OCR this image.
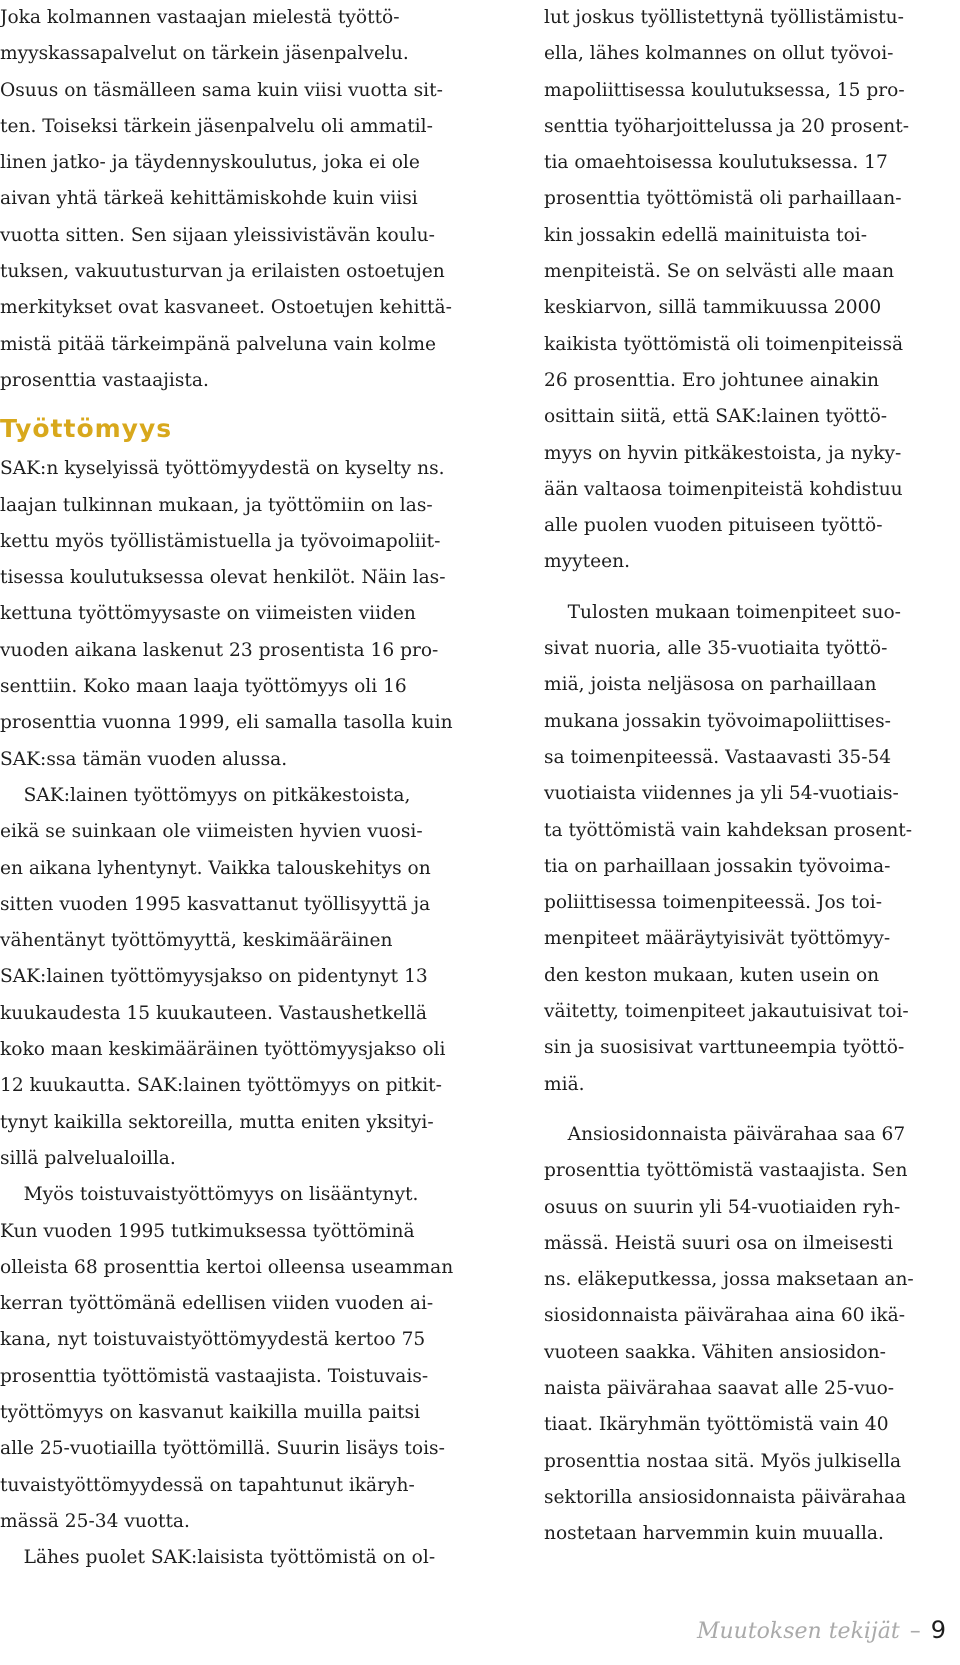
Joka kolmannen vastaajan mielestä työttö-
myyskassapalvelut on tärkein jäsenpalvelu.
Osuus on täsmälleen sama kuin viisi vuotta sit-
ten. Toiseksi tärkein jäsenpalvelu oli ammatil-
linen jatko- ja täydennyskoulutus, joka ei ole
aivan yhtä tärkeä kehittämiskohde kuin viisi
vuotta sitten. Sen sijaan yleissivistävän koulu-
tuksen, vakuutusturvan ja erilaisten ostoetujen
merkitykset ovat kasvaneet. Ostoetujen kehittä-
mistä pitää tärkeimpänä palveluna vain kolme
prosenttia vastaajista.
Työttömyys
SAK:n kyselyissä työttömyydestä on kyselty ns.
laajan tulkinnan mukaan, ja työttömiin on las-
kettu myös työllistämistuella ja työvoimapoliit-
tisessa koulutuksessa olevat henkilöt. Näin las-
kettuna työttömyysaste on viimeisten viiden
vuoden aikana laskenut 23 prosentista 16 pro-
senttiin. Koko maan laaja työttömyys oli 16
prosenttia vuonna 1999, eli samalla tasolla kuin
SAK:ssa tämän vuoden alussa.
SAK:lainen työttömyys on pitkäkestoista,
eikä se suinkaan ole viimeisten hyvien vuosi-
en aikana lyhentynyt. Vaikka talouskehitys on
sitten vuoden 1995 kasvattanut työllisyyttä ja
vähentänyt työttömyyttä, keskimääräinen
SAK:lainen työttömyysjakso on pidentynyt 13
kuukaudesta 15 kuukauteen. Vastaushetkellä
koko maan keskimääräinen työttömyysjakso oli
12 kuukautta. SAK:lainen työttömyys on pitkit-
tynyt kaikilla sektoreilla, mutta eniten yksityi-
sillä palvelualoilla.
Myös toistuvaistyöttömyys on lisääntynyt.
Kun vuoden 1995 tutkimuksessa työttöminä
olleista 68 prosenttia kertoi olleensa useamman
kerran työttömänä edellisen viiden vuoden ai-
kana, nyt toistuvaistyöttömyydestä kertoo 75
prosenttia työttömistä vastaajista. Toistuvais-
työttömyys on kasvanut kaikilla muilla paitsi
alle 25-vuotiailla työttömillä. Suurin lisäys tois-
tuvaistyöttömyydessä on tapahtunut ikäryh-
mässä 25-34 vuotta.
Lähes puolet SAK:laisista työttömistä on ol-
lut joskus työllistettynä työllistämistu-
ella, lähes kolmannes on ollut työvoi-
mapoliittisessa koulutuksessa, 15 pro-
senttia työharjoittelussa ja 20 prosent-
tia omaehtoisessa koulutuksessa. 17
prosenttia työttömistä oli parhaillaan-
kin jossakin edellä mainituista toi-
menpiteistä. Se on selvästi alle maan
keskiarvon, sillä tammikuussa 2000
kaikista työttömistä oli toimenpiteissä
26 prosenttia. Ero johtunee ainakin
osittain siitä, että SAK:lainen työttö-
myys on hyvin pitkäkestoista, ja nyky-
ään valtaosa toimenpiteistä kohdistuu
alle puolen vuoden pituiseen työttö-
myyteen.
Tulosten mukaan toimenpiteet suo-
sivat nuoria, alle 35-vuotiaita työttö-
miä, joista neljäsosa on parhaillaan
mukana jossakin työvoimapoliittises-
sa toimenpiteessä. Vastaavasti 35-54
vuotiaista viidennes ja yli 54-vuotiais-
ta työttömistä vain kahdeksan prosent-
tia on parhaillaan jossakin työvoima-
poliittisessa toimenpiteessä. Jos toi-
menpiteet määräytyisivät työttömyy-
den keston mukaan, kuten usein on
väitetty, toimenpiteet jakautuisivat toi-
sin ja suosisivat varttuneempia työttö-
miä.
Ansiosidonnaista päivärahaa saa 67
prosenttia työttömistä vastaajista. Sen
osuus on suurin yli 54-vuotiaiden ryh-
mässä. Heistä suuri osa on ilmeisesti
ns. eläkeputkessa, jossa maksetaan an-
siosidonnaista päivärahaa aina 60 ikä-
vuoteen saakka. Vähiten ansiosidon-
naista päivärahaa saavat alle 25-vuo-
tiaat. Ikäryhmän työttömistä vain 40
prosenttia nostaa sitä. Myös julkisella
sektorilla ansiosidonnaista päivärahaa
nostetaan harvemmin kuin muualla.
Muutoksen tekijät – 9
